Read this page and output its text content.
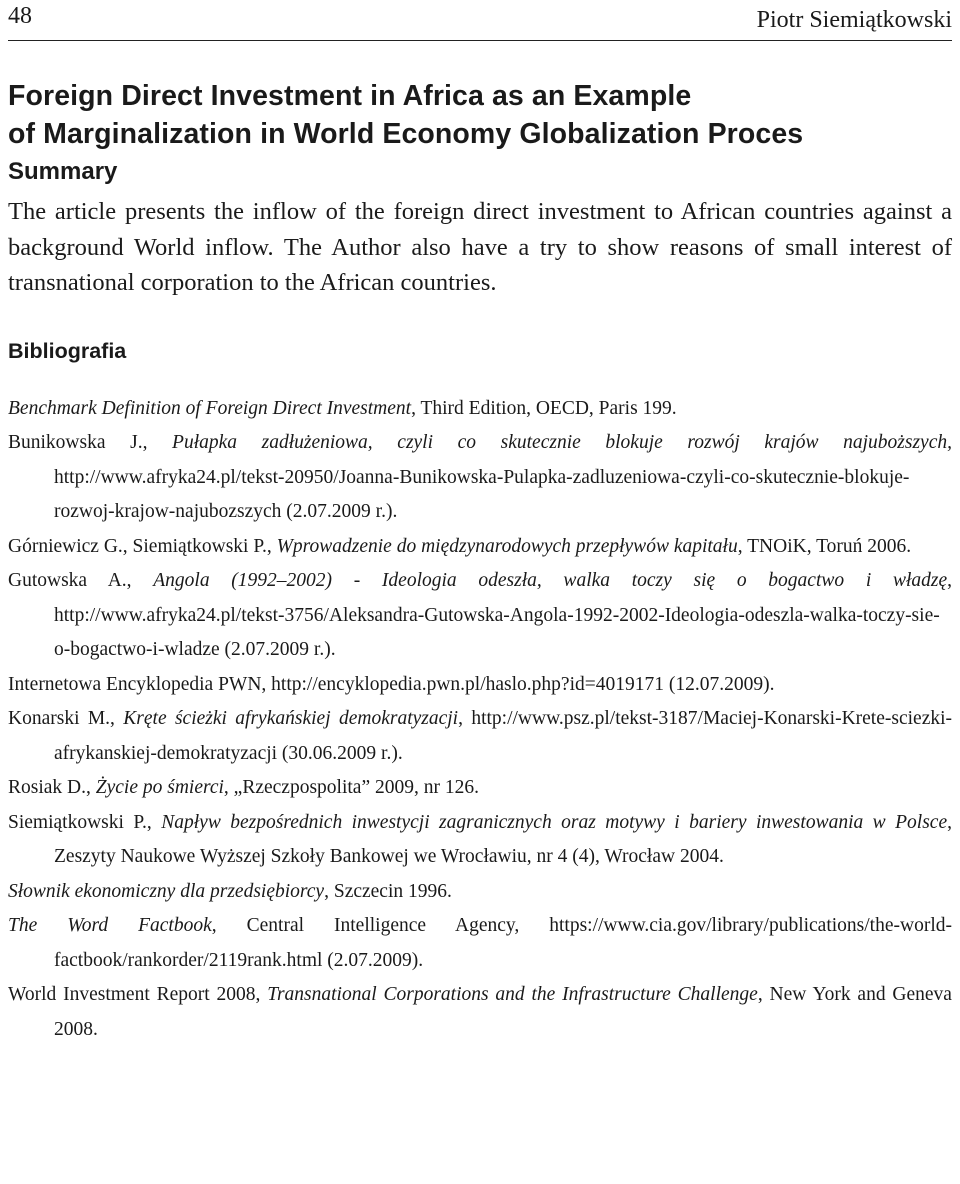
48	Piotr Siemiątkowski
Foreign Direct Investment in Africa as an Example
of Marginalization in World Economy Globalization Proces
Summary

The article presents the inflow of the foreign direct investment to African countries against a background World inflow. The Author also have a try to show reasons of small interest of transnational corporation to the African countries.

Bibliografia
Benchmark Definition of Foreign Direct Investment, Third Edition, OECD, Paris 199.
Bunikowska J., Pułapka zadłużeniowa, czyli co skutecznie blokuje rozwój krajów najuboższych, http://www.afryka24.pl/tekst-20950/Joanna-Bunikowska-Pulapka-zadluzeniowa-czyli-co-skutecznie-blokuje-rozwoj-krajow-najubozszych (2.07.2009 r.).
Górniewicz G., Siemiątkowski P., Wprowadzenie do międzynarodowych przepływów kapitału, TNOiK, Toruń 2006.
Gutowska A., Angola (1992–2002) - Ideologia odeszła, walka toczy się o bogactwo i władzę, http://www.afryka24.pl/tekst-3756/Aleksandra-Gutowska-Angola-1992-2002-Ideologia-odeszla-walka-toczy-sie-o-bogactwo-i-wladze (2.07.2009 r.).
Internetowa Encyklopedia PWN, http://encyklopedia.pwn.pl/haslo.php?id=4019171 (12.07.2009).
Konarski M., Kręte ścieżki afrykańskiej demokratyzacji, http://www.psz.pl/tekst-3187/Maciej-Konarski-Krete-sciezki-afrykanskiej-demokratyzacji (30.06.2009 r.).
Rosiak D., Życie po śmierci, „Rzeczpospolita” 2009, nr 126.
Siemiątkowski P., Napływ bezpośrednich inwestycji zagranicznych oraz motywy i bariery inwestowania w Polsce, Zeszyty Naukowe Wyższej Szkoły Bankowej we Wrocławiu, nr 4 (4), Wrocław 2004.
Słownik ekonomiczny dla przedsiębiorcy, Szczecin 1996.
The Word Factbook, Central Intelligence Agency, https://www.cia.gov/library/publications/the-world-factbook/rankorder/2119rank.html (2.07.2009).
World Investment Report 2008, Transnational Corporations and the Infrastructure Challenge, New York and Geneva 2008.
